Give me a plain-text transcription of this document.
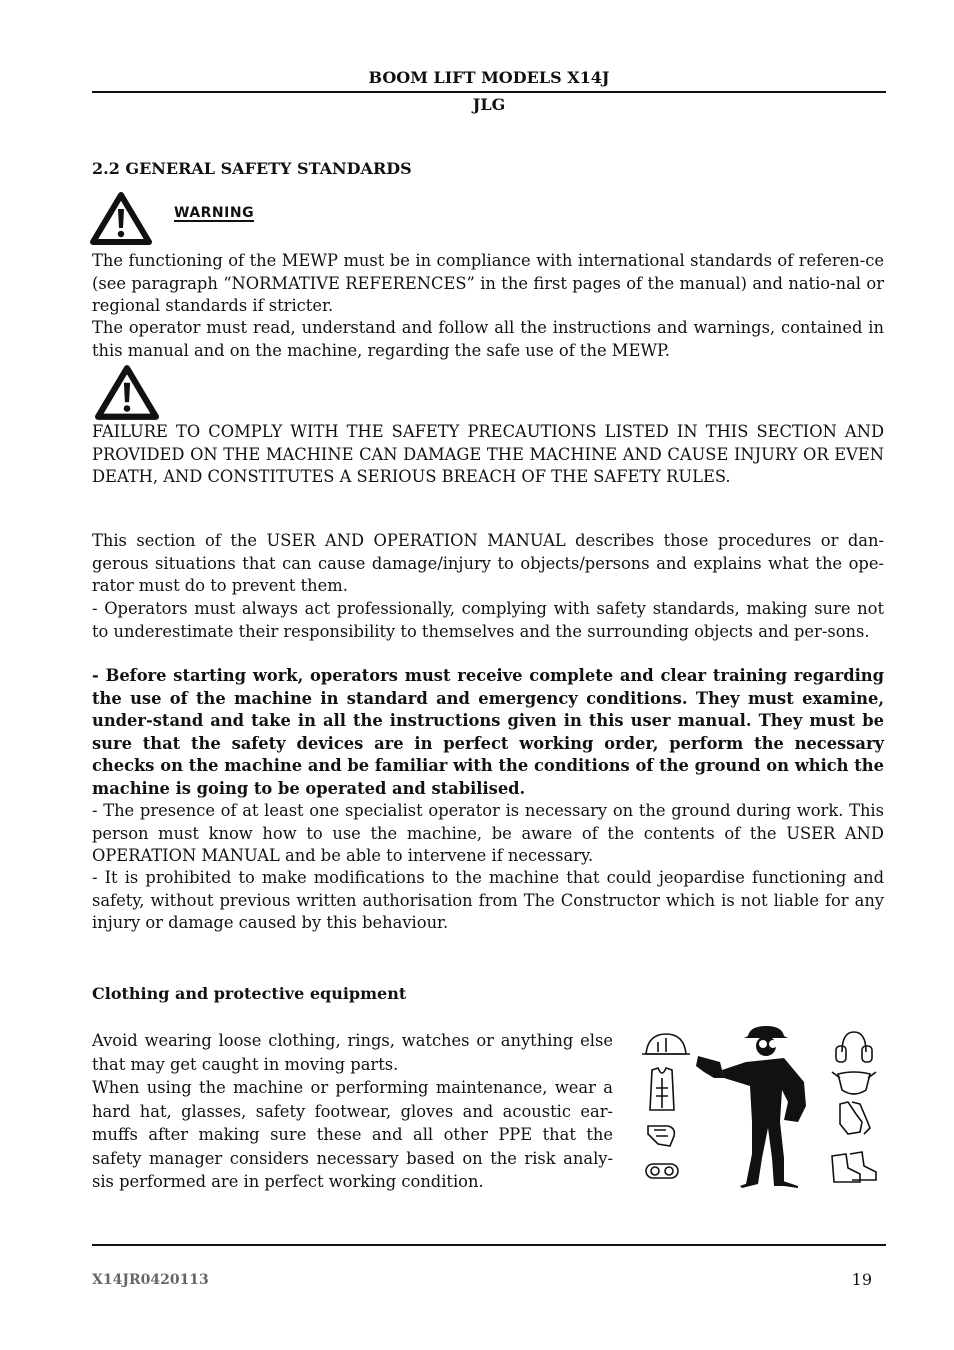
BOOM LIFT MODELS X14J
JLG
2.2 GENERAL SAFETY STANDARDS
WARNING

The functioning of the MEWP must be in compliance with international standards of referen-ce (see paragraph “NORMATIVE REFERENCES” in the first pages of the manual) and natio-nal or regional standards if stricter.

The operator must read, understand and follow all the instructions and warnings, contained in this manual and on the machine, regarding the safe use of the MEWP.

FAILURE TO COMPLY WITH THE SAFETY PRECAUTIONS LISTED IN THIS SECTION AND PROVIDED ON THE MACHINE CAN DAMAGE THE MACHINE AND CAUSE INJURY OR EVEN DEATH, AND CONSTITUTES A SERIOUS BREACH OF THE SAFETY RULES.

This section of the USER AND OPERATION MANUAL describes those procedures or dan-gerous situations that can cause damage/injury to objects/persons and explains what the ope-rator must do to prevent them.

- Operators must always act professionally, complying with safety standards, making sure not to underestimate their responsibility to themselves and the surrounding objects and per-sons.

- Before starting work, operators must receive complete and clear training regarding the use of the machine in standard and emergency conditions. They must examine, under-stand and take in all the instructions given in this user manual. They must be sure that the safety devices are in perfect working order, perform the necessary checks on the machine and be familiar with the conditions of the ground on which the machine is going to be operated and stabilised.

- The presence of at least one specialist operator is necessary on the ground during work. This person must know how to use the machine, be aware of the contents of the USER AND OPERATION MANUAL and be able to intervene if necessary.

- It is prohibited to make modifications to the machine that could jeopardise functioning and safety, without previous written authorisation from The Constructor which is not liable for any injury or damage caused by this behaviour.

Clothing and protective equipment

Avoid wearing loose clothing, rings, watches or anything else that may get caught in moving parts.

When using the machine or performing maintenance, wear a hard hat, glasses, safety footwear, gloves and acoustic ear-muffs after making sure these and all other PPE that the safety manager considers necessary based on the risk analy-sis performed are in perfect working condition.

X14JR0420113	19
